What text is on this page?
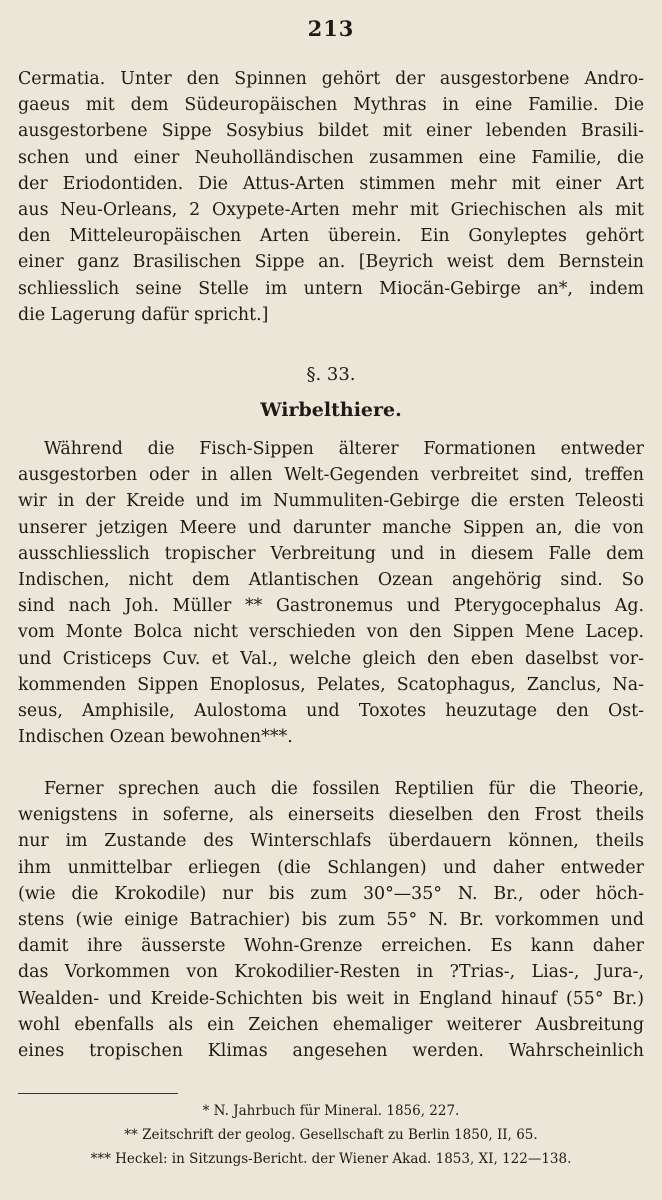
213
Cermatia. Unter den Spinnen gehört der ausgestorbene Andro-
gaeus mit dem Südeuropäischen Mythras in eine Familie. Die
ausgestorbene Sippe Sosybius bildet mit einer lebenden Brasili-
schen und einer Neuholländischen zusammen eine Familie, die
der Eriodontiden. Die Attus-Arten stimmen mehr mit einer Art
aus Neu-Orleans, 2 Oxypete-Arten mehr mit Griechischen als mit
den Mitteleuropäischen Arten überein. Ein Gonyleptes gehört
einer ganz Brasilischen Sippe an. [Beyrich weist dem Bernstein
schliesslich seine Stelle im untern Miocän-Gebirge an*, indem
die Lagerung dafür spricht.]
§. 33.
Wirbelthiere.
Während die Fisch-Sippen älterer Formationen entweder
ausgestorben oder in allen Welt-Gegenden verbreitet sind, treffen
wir in der Kreide und im Nummuliten-Gebirge die ersten Teleosti
unserer jetzigen Meere und darunter manche Sippen an, die von
ausschliesslich tropischer Verbreitung und in diesem Falle dem
Indischen, nicht dem Atlantischen Ozean angehörig sind. So
sind nach Joh. Müller ** Gastronemus und Pterygocephalus Ag.
vom Monte Bolca nicht verschieden von den Sippen Mene Lacep.
und Cristiceps Cuv. et Val., welche gleich den eben daselbst vor-
kommenden Sippen Enoplosus, Pelates, Scatophagus, Zanclus, Na-
seus, Amphisile, Aulostoma und Toxotes heuzutage den Ost-
Indischen Ozean bewohnen***.
Ferner sprechen auch die fossilen Reptilien für die Theorie,
wenigstens in soferne, als einerseits dieselben den Frost theils
nur im Zustande des Winterschlafs überdauern können, theils
ihm unmittelbar erliegen (die Schlangen) und daher entweder
(wie die Krokodile) nur bis zum 30°—35° N. Br., oder höch-
stens (wie einige Batrachier) bis zum 55° N. Br. vorkommen und
damit ihre äusserste Wohn-Grenze erreichen. Es kann daher
das Vorkommen von Krokodilier-Resten in ?Trias-, Lias-, Jura-,
Wealden- und Kreide-Schichten bis weit in England hinauf (55° Br.)
wohl ebenfalls als ein Zeichen ehemaliger weiterer Ausbreitung
eines tropischen Klimas angesehen werden. Wahrscheinlich
* N. Jahrbuch für Mineral. 1856, 227.
** Zeitschrift der geolog. Gesellschaft zu Berlin 1850, II, 65.
*** Heckel: in Sitzungs-Bericht. der Wiener Akad. 1853, XI, 122—138.
